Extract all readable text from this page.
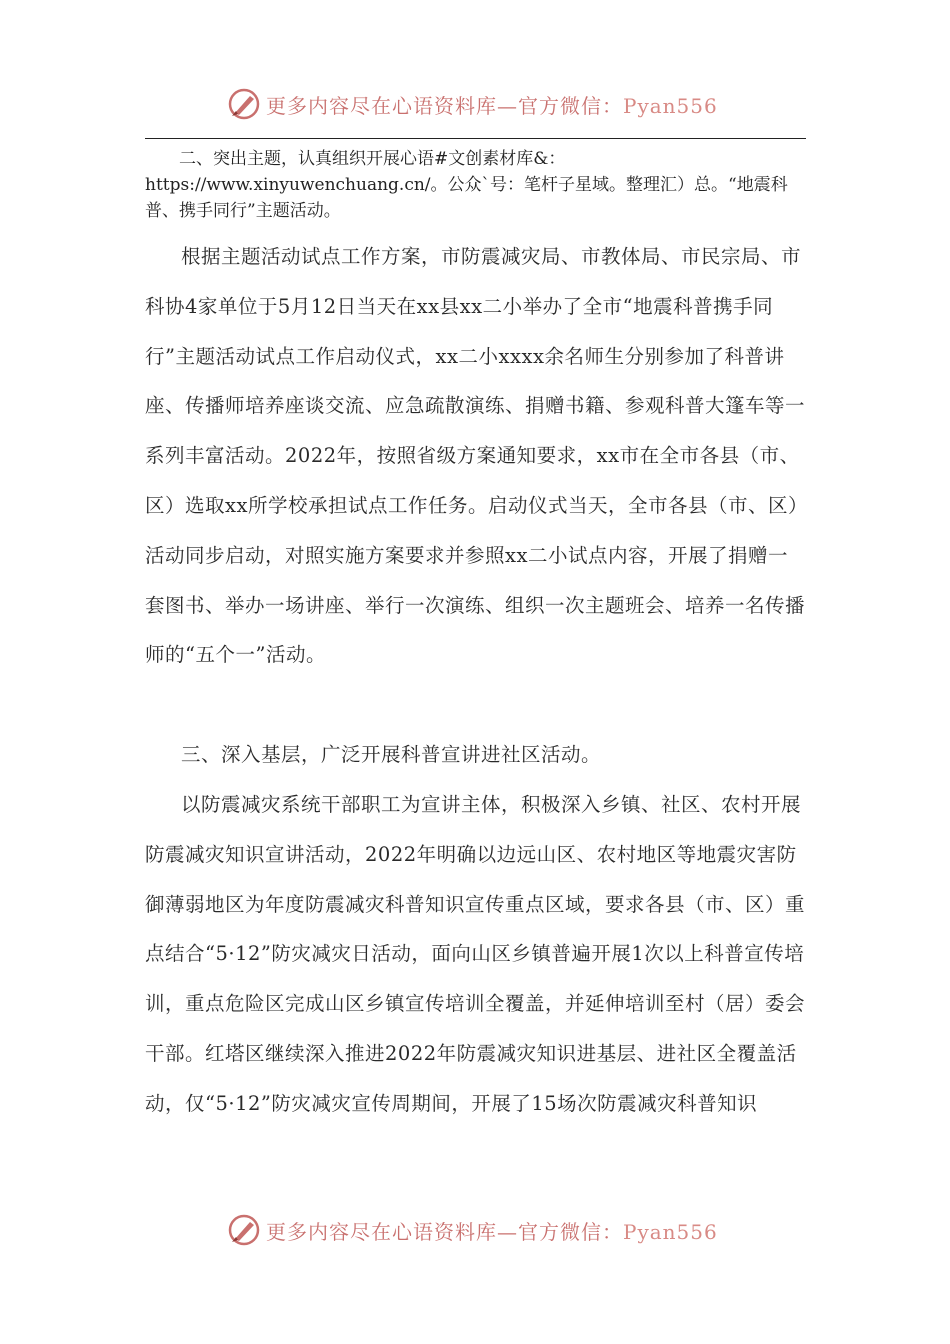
更多内容尽在心语资料库—官方微信：Pyan556
二、突出主题，认真组织开展心语#文创素材库&：https://www.xinyuwenchuang.cn/。公众`号：笔杆子星域。整理汇）总。“地震科普、携手同行”主题活动。
根据主题活动试点工作方案，市防震减灾局、市教体局、市民宗局、市科协4家单位于5月12日当天在xx县xx二小举办了全市“地震科普携手同行”主题活动试点工作启动仪式，xx二小xxxx余名师生分别参加了科普讲座、传播师培养座谈交流、应急疏散演练、捐赠书籍、参观科普大篷车等一系列丰富活动。2022年，按照省级方案通知要求，xx市在全市各县（市、区）选取xx所学校承担试点工作任务。启动仪式当天，全市各县（市、区）活动同步启动，对照实施方案要求并参照xx二小试点内容，开展了捐赠一套图书、举办一场讲座、举行一次演练、组织一次主题班会、培养一名传播师的“五个一”活动。
三、深入基层，广泛开展科普宣讲进社区活动。
以防震减灾系统干部职工为宣讲主体，积极深入乡镇、社区、农村开展防震减灾知识宣讲活动，2022年明确以边远山区、农村地区等地震灾害防御薄弱地区为年度防震减灾科普知识宣传重点区域，要求各县（市、区）重点结合“5·12”防灾减灾日活动，面向山区乡镇普遍开展1次以上科普宣传培训，重点危险区完成山区乡镇宣传培训全覆盖，并延伸培训至村（居）委会干部。红塔区继续深入推进2022年防震减灾知识进基层、进社区全覆盖活动，仅“5·12”防灾减灾宣传周期间，开展了15场次防震减灾科普知识
更多内容尽在心语资料库—官方微信：Pyan556
